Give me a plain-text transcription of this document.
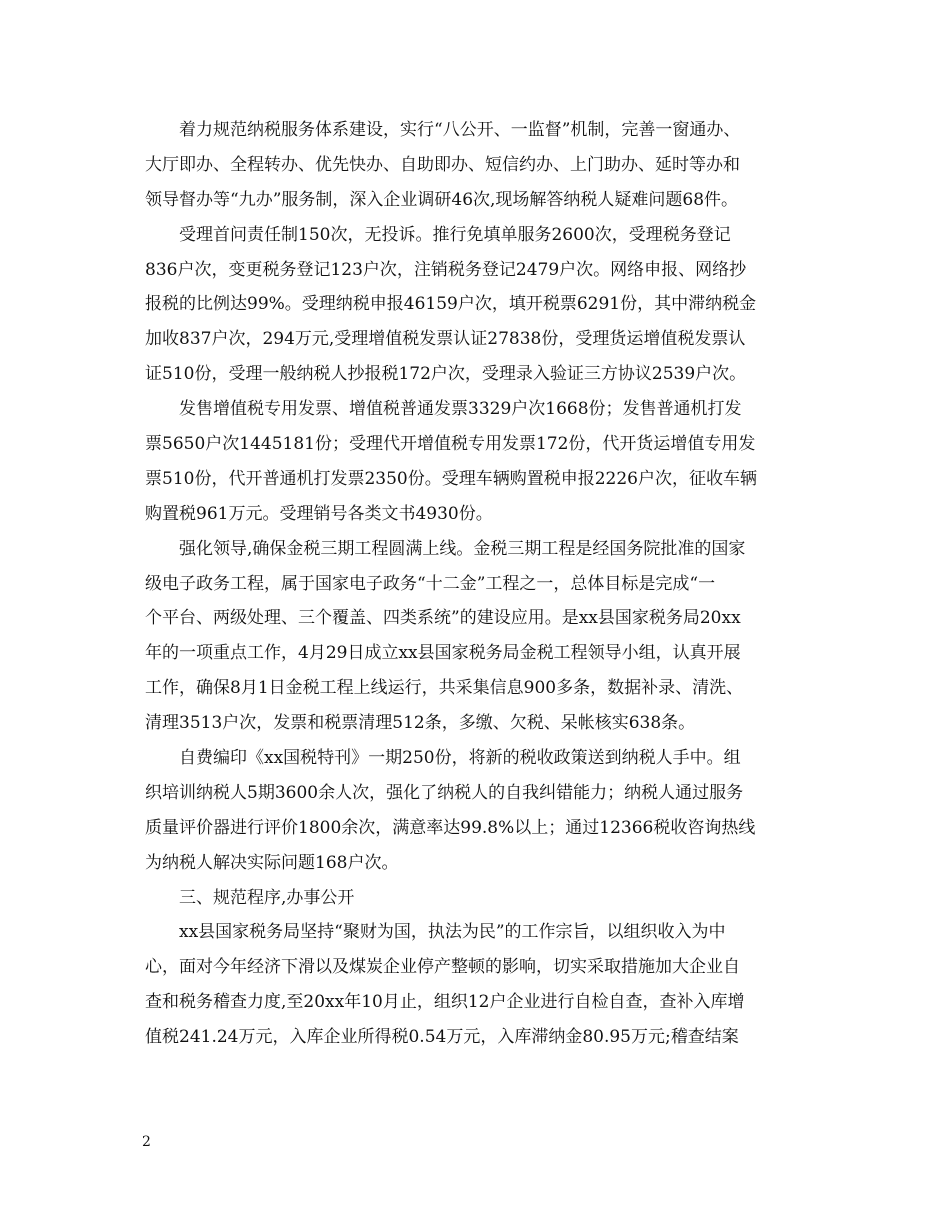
着力规范纳税服务体系建设，实行“八公开、一监督”机制，完善一窗通办、
大厅即办、全程转办、优先快办、自助即办、短信约办、上门助办、延时等办和
领导督办等“九办”服务制，深入企业调研46次,现场解答纳税人疑难问题68件。

受理首问责任制150次，无投诉。推行免填单服务2600次，受理税务登记
836户次，变更税务登记123户次，注销税务登记2479户次。网络申报、网络抄
报税的比例达99%。受理纳税申报46159户次，填开税票6291份，其中滞纳税金
加收837户次，294万元,受理增值税发票认证27838份，受理货运增值税发票认
证510份，受理一般纳税人抄报税172户次，受理录入验证三方协议2539户次。

发售增值税专用发票、增值税普通发票3329户次1668份；发售普通机打发
票5650户次1445181份；受理代开增值税专用发票172份，代开货运增值专用发
票510份，代开普通机打发票2350份。受理车辆购置税申报2226户次，征收车辆
购置税961万元。受理销号各类文书4930份。

强化领导,确保金税三期工程圆满上线。金税三期工程是经国务院批准的国家
级电子政务工程，属于国家电子政务“十二金”工程之一，总体目标是完成“一
个平台、两级处理、三个覆盖、四类系统”的建设应用。是xx县国家税务局20xx
年的一项重点工作，4月29日成立xx县国家税务局金税工程领导小组，认真开展
工作，确保8月1日金税工程上线运行，共采集信息900多条，数据补录、清洗、
清理3513户次，发票和税票清理512条，多缴、欠税、呆帐核实638条。

自费编印《xx国税特刊》一期250份，将新的税收政策送到纳税人手中。组
织培训纳税人5期3600余人次，强化了纳税人的自我纠错能力；纳税人通过服务
质量评价器进行评价1800余次，满意率达99.8%以上；通过12366税收咨询热线
为纳税人解决实际问题168户次。

三、规范程序,办事公开

xx县国家税务局坚持“聚财为国，执法为民”的工作宗旨，以组织收入为中
心，面对今年经济下滑以及煤炭企业停产整顿的影响，切实采取措施加大企业自
查和税务稽查力度,至20xx年10月止，组织12户企业进行自检自查，查补入库增
值税241.24万元，入库企业所得税0.54万元，入库滞纳金80.95万元;稽查结案

2
